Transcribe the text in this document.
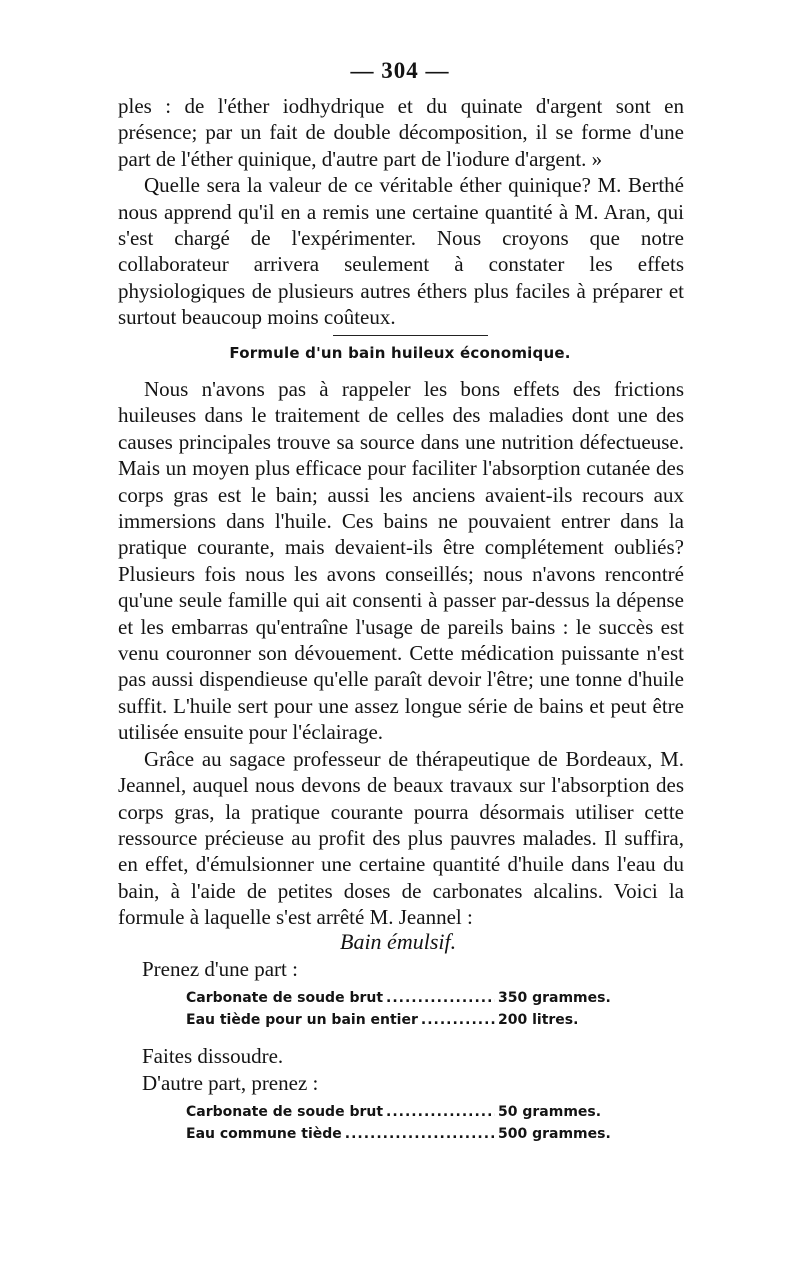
— 304 —

ples : de l'éther iodhydrique et du quinate d'argent sont en présence; par un fait de double décomposition, il se forme d'une part de l'éther quinique, d'autre part de l'iodure d'argent. »

Quelle sera la valeur de ce véritable éther quinique? M. Berthé nous apprend qu'il en a remis une certaine quantité à M. Aran, qui s'est chargé de l'expérimenter. Nous croyons que notre collaborateur arrivera seulement à constater les effets physiologiques de plusieurs autres éthers plus faciles à préparer et surtout beaucoup moins coûteux.

Formule d'un bain huileux économique.

Nous n'avons pas à rappeler les bons effets des frictions huileuses dans le traitement de celles des maladies dont une des causes principales trouve sa source dans une nutrition défectueuse. Mais un moyen plus efficace pour faciliter l'absorption cutanée des corps gras est le bain; aussi les anciens avaient-ils recours aux immersions dans l'huile. Ces bains ne pouvaient entrer dans la pratique courante, mais devaient-ils être complétement oubliés? Plusieurs fois nous les avons conseillés; nous n'avons rencontré qu'une seule famille qui ait consenti à passer par-dessus la dépense et les embarras qu'entraîne l'usage de pareils bains : le succès est venu couronner son dévouement. Cette médication puissante n'est pas aussi dispendieuse qu'elle paraît devoir l'être; une tonne d'huile suffit. L'huile sert pour une assez longue série de bains et peut être utilisée ensuite pour l'éclairage.

Grâce au sagace professeur de thérapeutique de Bordeaux, M. Jeannel, auquel nous devons de beaux travaux sur l'absorption des corps gras, la pratique courante pourra désormais utiliser cette ressource précieuse au profit des plus pauvres malades. Il suffira, en effet, d'émulsionner une certaine quantité d'huile dans l'eau du bain, à l'aide de petites doses de carbonates alcalins. Voici la formule à laquelle s'est arrêté M. Jeannel :

Bain émulsif.
Prenez d'une part :
Carbonate de soude brut .....	350 grammes.
Eau tiède pour un bain entier .....	200 litres.
Faites dissoudre.
D'autre part, prenez :
Carbonate de soude brut .....	50 grammes.
Eau commune tiède .....	500 grammes.
